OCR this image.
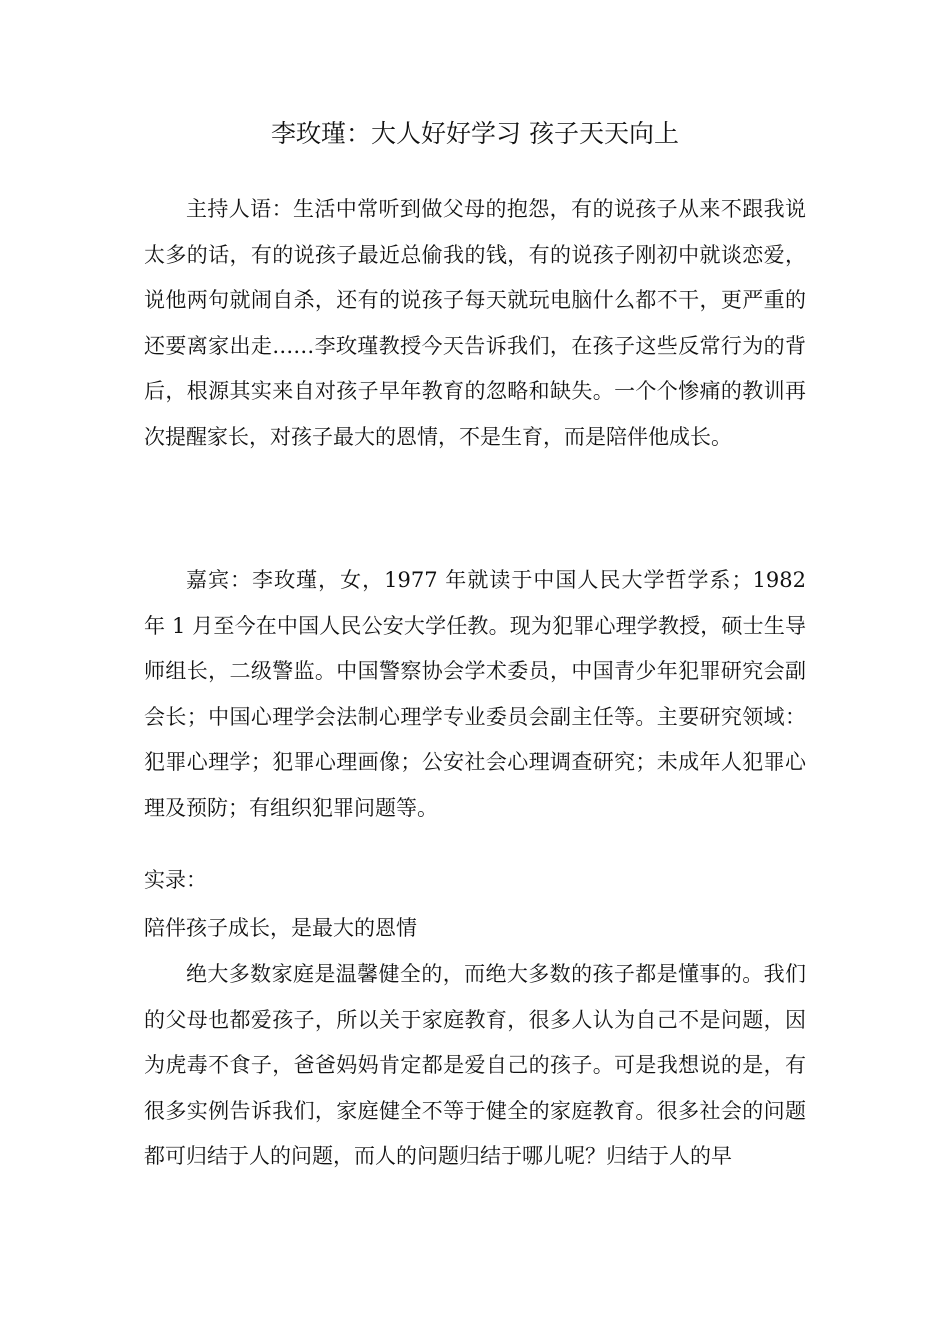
李玫瑾：大人好好学习 孩子天天向上

主持人语：生活中常听到做父母的抱怨，有的说孩子从来不跟我说太多的话，有的说孩子最近总偷我的钱，有的说孩子刚初中就谈恋爱，说他两句就闹自杀，还有的说孩子每天就玩电脑什么都不干，更严重的还要离家出走……李玫瑾教授今天告诉我们，在孩子这些反常行为的背后，根源其实来自对孩子早年教育的忽略和缺失。一个个惨痛的教训再次提醒家长，对孩子最大的恩情，不是生育，而是陪伴他成长。

嘉宾：李玫瑾，女，1977 年就读于中国人民大学哲学系；1982 年 1 月至今在中国人民公安大学任教。现为犯罪心理学教授，硕士生导师组长，二级警监。中国警察协会学术委员，中国青少年犯罪研究会副会长；中国心理学会法制心理学专业委员会副主任等。主要研究领域：犯罪心理学；犯罪心理画像；公安社会心理调查研究；未成年人犯罪心理及预防；有组织犯罪问题等。

实录：

陪伴孩子成长，是最大的恩情

绝大多数家庭是温馨健全的，而绝大多数的孩子都是懂事的。我们的父母也都爱孩子，所以关于家庭教育，很多人认为自己不是问题，因为虎毒不食子，爸爸妈妈肯定都是爱自己的孩子。可是我想说的是，有很多实例告诉我们，家庭健全不等于健全的家庭教育。很多社会的问题都可归结于人的问题，而人的问题归结于哪儿呢？归结于人的早
